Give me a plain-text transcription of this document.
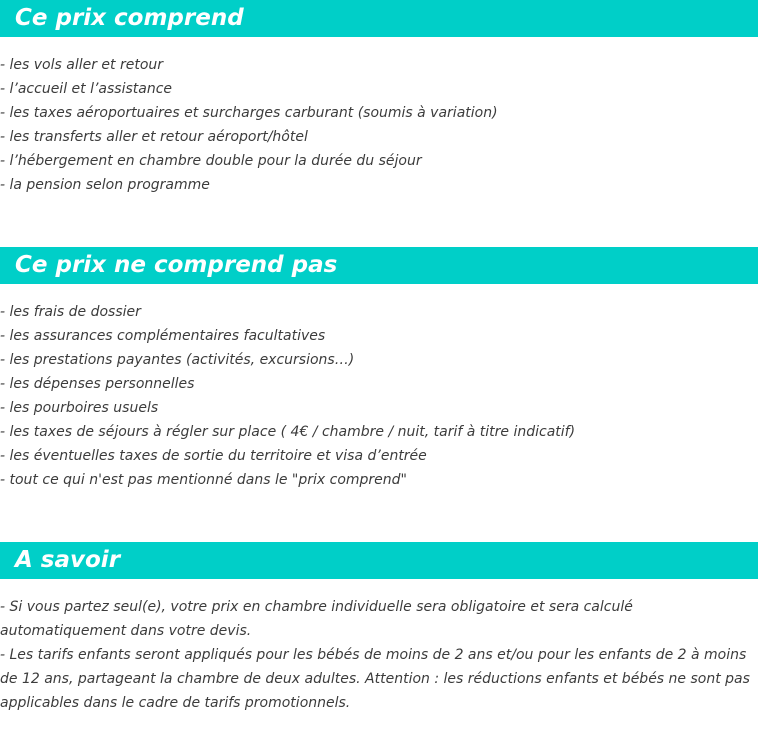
Ce prix comprend
- les vols aller et retour
- l’accueil et l’assistance
- les taxes aéroportuaires et surcharges carburant (soumis à variation)
- les transferts aller et retour aéroport/hôtel
- l’hébergement en chambre double pour la durée du séjour
- la pension selon programme
Ce prix ne comprend pas
- les frais de dossier
- les assurances complémentaires facultatives
- les prestations payantes (activités, excursions…)
- les dépenses personnelles
- les pourboires usuels
- les taxes de séjours à régler sur place ( 4€ / chambre / nuit, tarif à titre indicatif)
- les éventuelles taxes de sortie du territoire et visa d’entrée
- tout ce qui n'est pas mentionné dans le "prix comprend"
A savoir

- Si vous partez seul(e), votre prix en chambre individuelle sera obligatoire et sera calculé automatiquement dans votre devis.

- Les tarifs enfants seront appliqués pour les bébés de moins de 2 ans et/ou pour les enfants de 2 à moins de 12 ans, partageant la chambre de deux adultes. Attention : les réductions enfants et bébés ne sont pas applicables dans le cadre de tarifs promotionnels.
